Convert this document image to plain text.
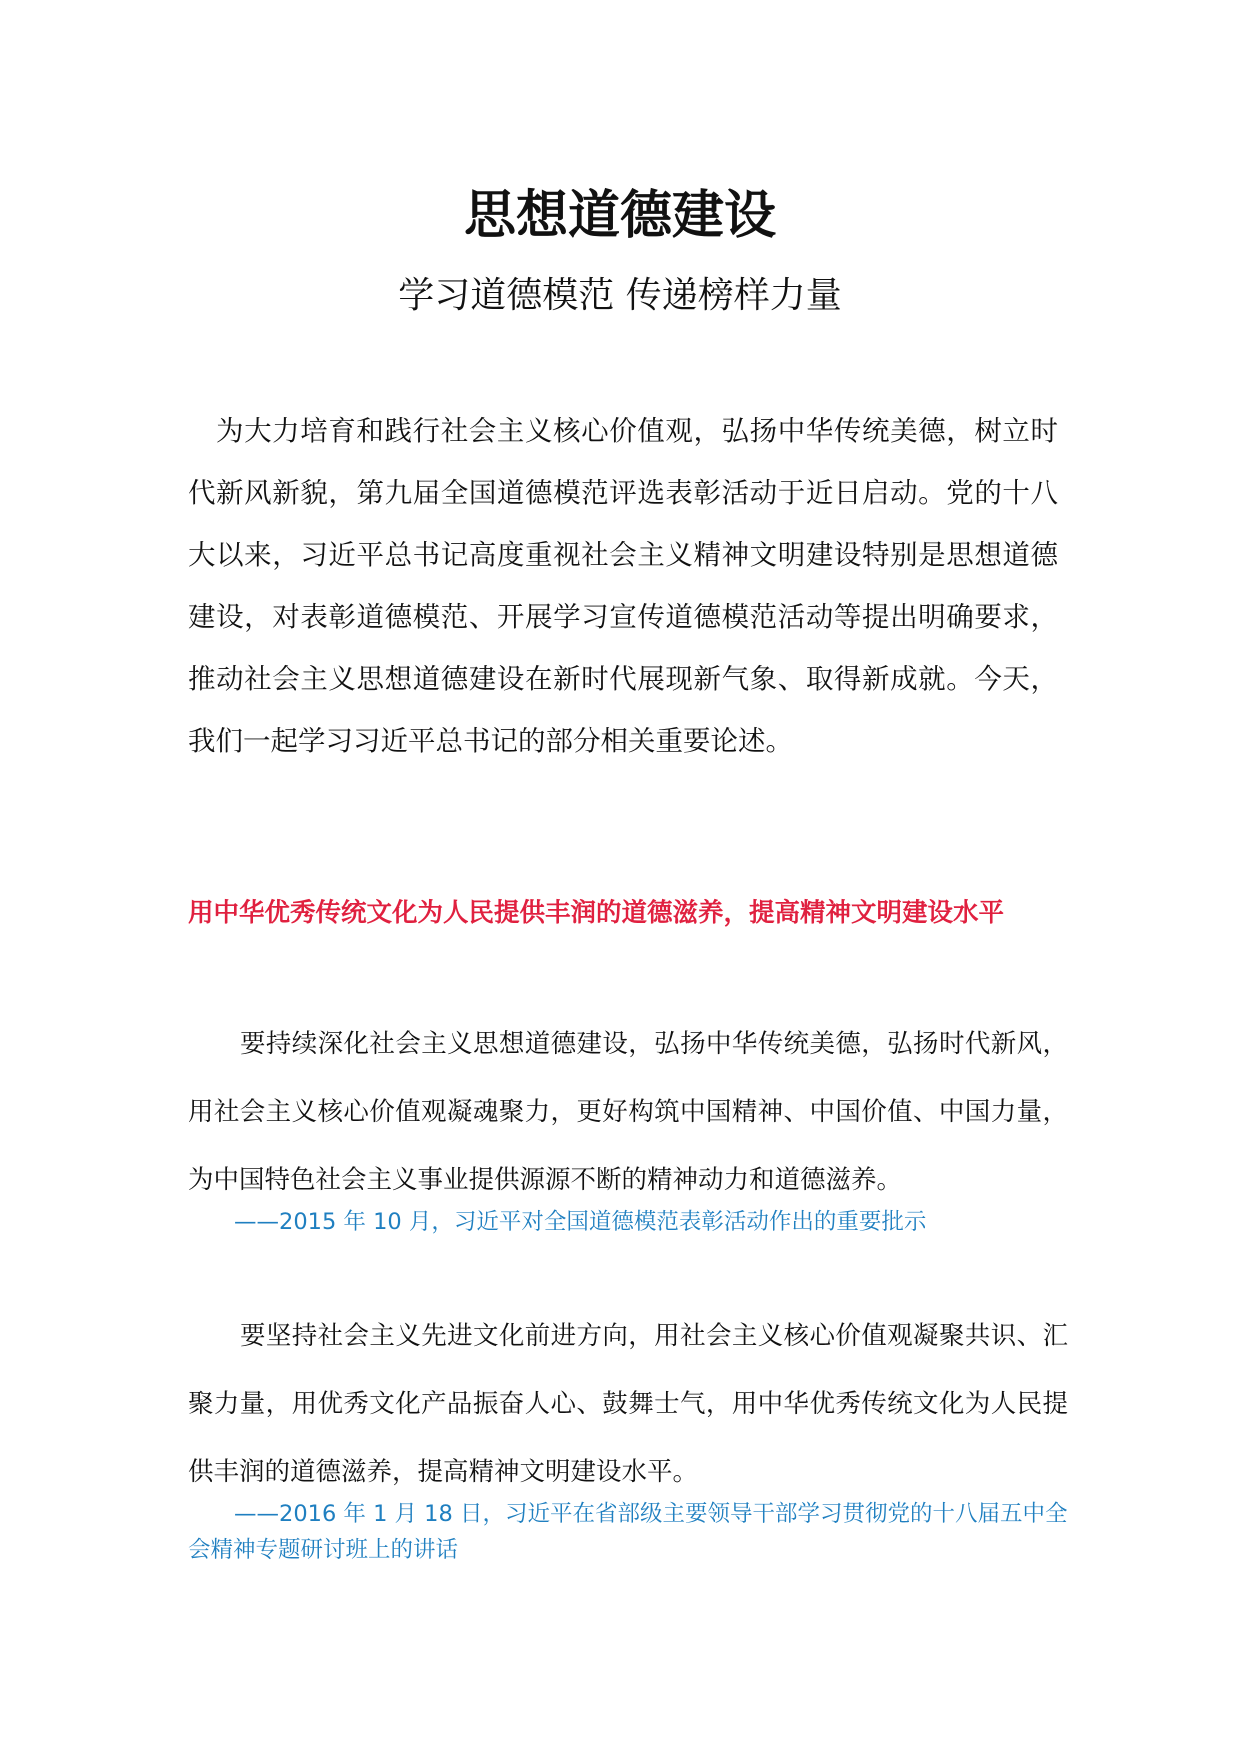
思想道德建设
学习道德模范 传递榜样力量

为大力培育和践行社会主义核心价值观，弘扬中华传统美德，树立时代新风新貌，第九届全国道德模范评选表彰活动于近日启动。党的十八大以来，习近平总书记高度重视社会主义精神文明建设特别是思想道德建设，对表彰道德模范、开展学习宣传道德模范活动等提出明确要求，推动社会主义思想道德建设在新时代展现新气象、取得新成就。今天，我们一起学习习近平总书记的部分相关重要论述。

用中华优秀传统文化为人民提供丰润的道德滋养，提高精神文明建设水平

要持续深化社会主义思想道德建设，弘扬中华传统美德，弘扬时代新风，用社会主义核心价值观凝魂聚力，更好构筑中国精神、中国价值、中国力量，为中国特色社会主义事业提供源源不断的精神动力和道德滋养。

——2015 年 10 月，习近平对全国道德模范表彰活动作出的重要批示

要坚持社会主义先进文化前进方向，用社会主义核心价值观凝聚共识、汇聚力量，用优秀文化产品振奋人心、鼓舞士气，用中华优秀传统文化为人民提供丰润的道德滋养，提高精神文明建设水平。

——2016 年 1 月 18 日，习近平在省部级主要领导干部学习贯彻党的十八届五中全会精神专题研讨班上的讲话
